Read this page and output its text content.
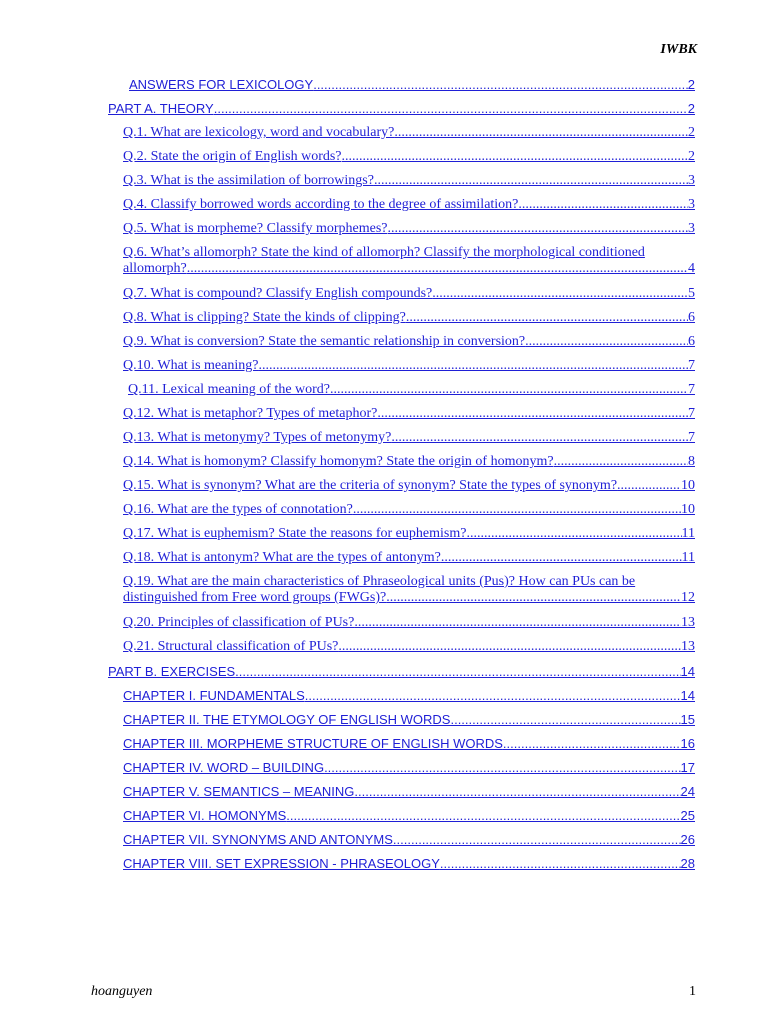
IWBK
ANSWERS FOR LEXICOLOGY .....	2
PART A. THEORY .....	2
Q.1. What are lexicology, word and vocabulary? .....	2
Q.2. State the origin of English words? .....	2
Q.3. What is the assimilation of borrowings? .....	3
Q.4. Classify borrowed words according to the degree of assimilation? .....	3
Q.5. What is morpheme? Classify morphemes? .....	3
Q.6. What’s allomorph? State the kind of allomorph? Classify the morphological conditioned
allomorph? .....	4
Q.7. What is compound? Classify English compounds? .....	5
Q.8. What is clipping? State the kinds of clipping? .....	6
Q.9. What is conversion? State the semantic relationship in conversion? .....	6
Q.10. What is meaning? .....	7
Q.11. Lexical meaning of the word? .....	7
Q.12. What is metaphor? Types of metaphor? .....	7
Q.13. What is metonymy? Types of metonymy? .....	7
Q.14. What is homonym? Classify homonym? State the origin of homonym? .....	8
Q.15. What is synonym? What are the criteria of synonym? State the types of synonym? .....	10
Q.16. What are the types of connotation? .....	10
Q.17. What is euphemism? State the reasons for euphemism? .....	11
Q.18. What is antonym? What are the types of antonym? .....	11
Q.19. What are the main characteristics of Phraseological units (Pus)? How can PUs can be
distinguished from Free word groups (FWGs)? .....	12
Q.20. Principles of classification of PUs? .....	13
Q.21. Structural classification of PUs? .....	13
PART B. EXERCISES .....	14
CHAPTER I. FUNDAMENTALS .....	14
CHAPTER II. THE ETYMOLOGY OF ENGLISH WORDS .....	15
CHAPTER III. MORPHEME STRUCTURE OF ENGLISH WORDS .....	16
CHAPTER IV. WORD – BUILDING .....	17
CHAPTER V. SEMANTICS – MEANING .....	24
CHAPTER VI. HOMONYMS .....	25
CHAPTER VII. SYNONYMS AND ANTONYMS .....	26
CHAPTER VIII. SET EXPRESSION - PHRASEOLOGY .....	28
hoanguyen	1
